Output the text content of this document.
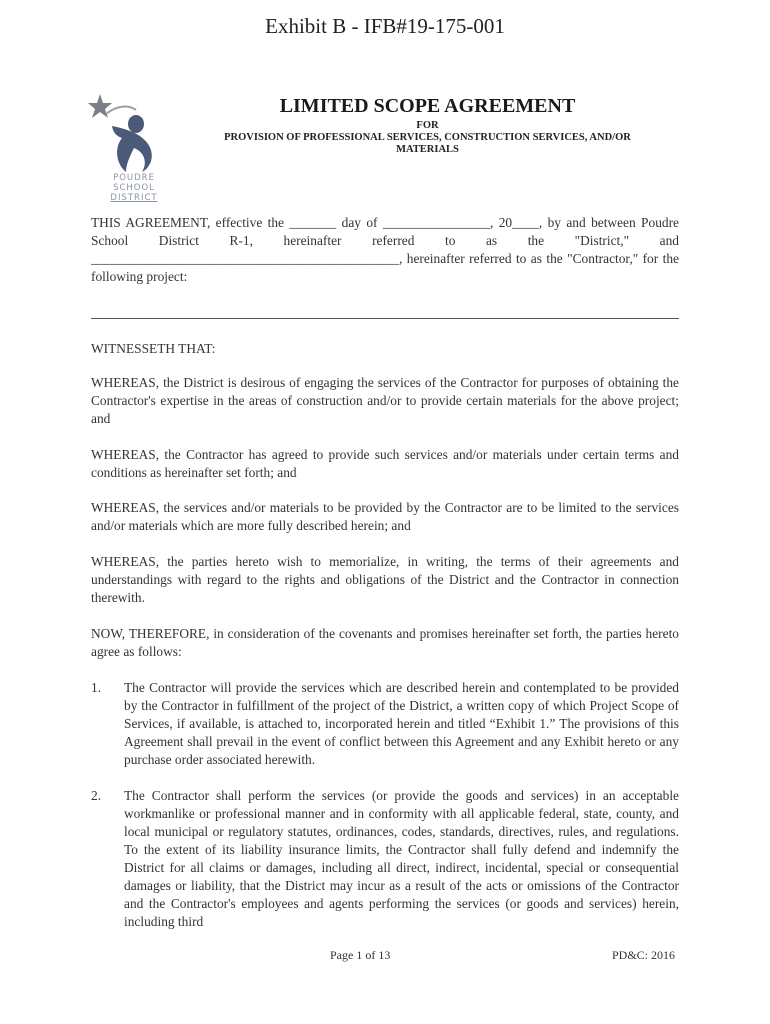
Exhibit B - IFB#19-175-001
POUDRE
SCHOOL
DISTRICT
LIMITED SCOPE AGREEMENT
FOR
PROVISION OF PROFESSIONAL SERVICES, CONSTRUCTION SERVICES, AND/OR
MATERIALS
THIS AGREEMENT, effective the _______ day of ________________, 20____, by and between Poudre School District R-1, hereinafter referred to as the "District," and ______________________________________________, hereinafter referred to as the "Contractor," for the following project:
WITNESSETH THAT:
WHEREAS, the District is desirous of engaging the services of the Contractor for purposes of obtaining the Contractor's expertise in the areas of construction and/or to provide certain materials for the above project; and
WHEREAS, the Contractor has agreed to provide such services and/or materials under certain terms and conditions as hereinafter set forth; and
WHEREAS, the services and/or materials to be provided by the Contractor are to be limited to the services and/or materials which are more fully described herein; and
WHEREAS, the parties hereto wish to memorialize, in writing, the terms of their agreements and understandings with regard to the rights and obligations of the District and the Contractor in connection therewith.
NOW, THEREFORE, in consideration of the covenants and promises hereinafter set forth, the parties hereto agree as follows:
1.	The Contractor will provide the services which are described herein and contemplated to be provided by the Contractor in fulfillment of the project of the District, a written copy of which Project Scope of Services, if available, is attached to, incorporated herein and titled “Exhibit 1.” The provisions of this Agreement shall prevail in the event of conflict between this Agreement and any Exhibit hereto or any purchase order associated herewith.
2.	The Contractor shall perform the services (or provide the goods and services) in an acceptable workmanlike or professional manner and in conformity with all applicable federal, state, county, and local municipal or regulatory statutes, ordinances, codes, standards, directives, rules, and regulations. To the extent of its liability insurance limits, the Contractor shall fully defend and indemnify the District for all claims or damages, including all direct, indirect, incidental, special or consequential damages or liability, that the District may incur as a result of the acts or omissions of the Contractor and the Contractor's employees and agents performing the services (or goods and services) herein, including third
Page 1 of 13	PD&C: 2016
